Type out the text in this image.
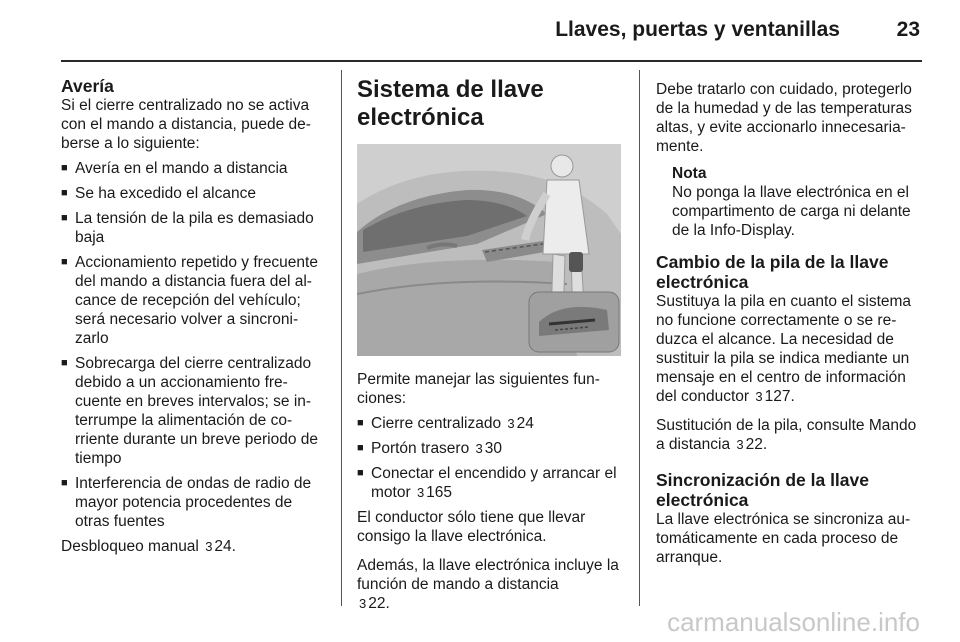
Llaves, puertas y ventanillas	23
Avería

Si el cierre centralizado no se activa con el mando a distancia, puede de-berse a lo siguiente:

■ Avería en el mando a distancia
■ Se ha excedido el alcance
■ La tensión de la pila es demasiado baja
■ Accionamiento repetido y frecuente del mando a distancia fuera del al-cance de recepción del vehículo; será necesario volver a sincroni-zarlo
■ Sobrecarga del cierre centralizado debido a un accionamiento fre-cuente en breves intervalos; se in-terrumpe la alimentación de co-rriente durante un breve periodo de tiempo
■ Interferencia de ondas de radio de mayor potencia procedentes de otras fuentes

Desbloqueo manual 3 24.

Sistema de llave electrónica

Permite manejar las siguientes fun-ciones:

■ Cierre centralizado 3 24
■ Portón trasero 3 30
■ Conectar el encendido y arrancar el motor 3 165

El conductor sólo tiene que llevar consigo la llave electrónica.

Además, la llave electrónica incluye la función de mando a distancia
3 22.

Debe tratarlo con cuidado, protegerlo de la humedad y de las temperaturas altas, y evite accionarlo innecesaria-mente.

Nota
No ponga la llave electrónica en el compartimento de carga ni delante de la Info-Display.
Cambio de la pila de la llave electrónica

Sustituya la pila en cuanto el sistema no funcione correctamente o se re-duzca el alcance. La necesidad de sustituir la pila se indica mediante un mensaje en el centro de información del conductor 3 127.

Sustitución de la pila, consulte Mando a distancia 3 22.

Sincronización de la llave electrónica

La llave electrónica se sincroniza au-tomáticamente en cada proceso de arranque.

carmanualsonline.info
